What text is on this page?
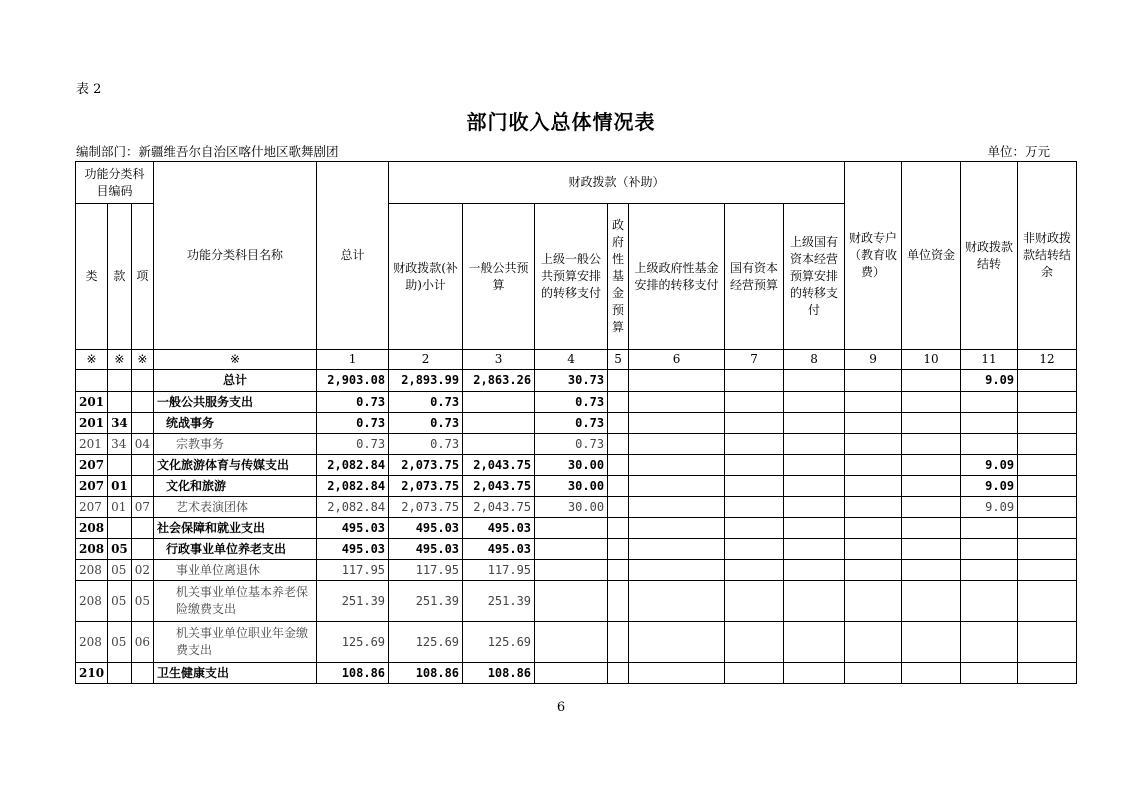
表 2
部门收入总体情况表
编制部门：新疆维吾尔自治区喀什地区歌舞剧团	单位：万元
功能分类科目编码			功能分类科目名称	总计	财政拨款（补助）							财政专户（教育收费）	单位资金	财政拨款结转	非财政拨款结转结余
类	款	项			财政拨款(补助)小计	一般公共预算	上级一般公共预算安排的转移支付	政府性基金预算	上级政府性基金安排的转移支付	国有资本经营预算	上级国有资本经营预算安排的转移支付				
※	※	※	※	1	2	3	4	5	6	7	8	9	10	11	12
			总计	2,903.08	2,893.99	2,863.26	30.73							9.09	
201			一般公共服务支出	0.73	0.73		0.73								
201	34		统战事务	0.73	0.73		0.73								
201	34	04	宗教事务	0.73	0.73		0.73								
207			文化旅游体育与传媒支出	2,082.84	2,073.75	2,043.75	30.00							9.09	
207	01		文化和旅游	2,082.84	2,073.75	2,043.75	30.00							9.09	
207	01	07	艺术表演团体	2,082.84	2,073.75	2,043.75	30.00							9.09	
208			社会保障和就业支出	495.03	495.03	495.03									
208	05		行政事业单位养老支出	495.03	495.03	495.03									
208	05	02	事业单位离退休	117.95	117.95	117.95									
208	05	05	机关事业单位基本养老保险缴费支出	251.39	251.39	251.39									
208	05	06	机关事业单位职业年金缴费支出	125.69	125.69	125.69									
210			卫生健康支出	108.86	108.86	108.86									
6
